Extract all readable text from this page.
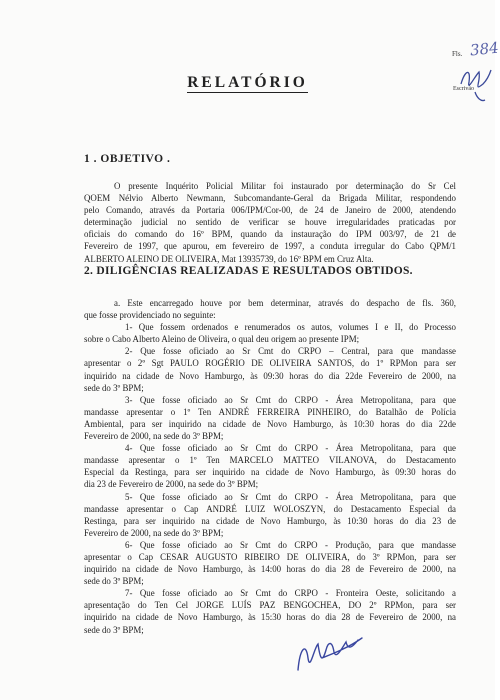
Fls. 384
Escrivão
RELATÓRIO
1 . OBJETIVO .
O presente Inquérito Policial Militar foi instaurado por determinação do Sr Cel
QOEM Nélvio Alberto Newmann, Subcomandante-Geral da Brigada Militar, respondendo
pelo Comando, através da Portaria 006/IPM/Cor-00, de 24 de Janeiro de 2000, atendendo
determinação judicial no sentido de verificar se houve irregularidades praticadas por
oficiais do comando do 16º BPM, quando da instauração do IPM 003/97, de 21 de
Fevereiro de 1997, que apurou, em fevereiro de 1997, a conduta irregular do Cabo QPM/1
ALBERTO ALEINO DE OLIVEIRA, Mat 13935739, do 16º BPM em Cruz Alta.
2. DILIGÊNCIAS REALIZADAS E RESULTADOS OBTIDOS.
a. Este encarregado houve por bem determinar, através do despacho de fls. 360,
que fosse providenciado no seguinte:
1- Que fossem ordenados e renumerados os autos, volumes I e II, do Processo
sobre o Cabo Alberto Aleino de Oliveira, o qual deu origem ao presente IPM;
2- Que fosse oficiado ao Sr Cmt do CRPO – Central, para que mandasse
apresentar o 2º Sgt PAULO ROGÉRIO DE OLIVEIRA SANTOS, do 1º RPMon para ser
inquirido na cidade de Novo Hamburgo, às 09:30 horas do dia 22de Fevereiro de 2000, na
sede do 3º BPM;
3- Que fosse oficiado ao Sr Cmt do CRPO - Área Metropolitana, para que
mandasse apresentar o 1º Ten ANDRÉ FERREIRA PINHEIRO, do Batalhão de Polícia
Ambiental, para ser inquirido na cidade de Novo Hamburgo, às 10:30 horas do dia 22de
Fevereiro de 2000, na sede do 3º BPM;
4- Que fosse oficiado ao Sr Cmt do CRPO - Área Metropolitana, para que
mandasse apresentar o 1º Ten MARCELO MATTEO VILANOVA, do Destacamento
Especial da Restinga, para ser inquirido na cidade de Novo Hamburgo, às 09:30 horas do
dia 23 de Fevereiro de 2000, na sede do 3º BPM;
5- Que fosse oficiado ao Sr Cmt do CRPO - Área Metropolitana, para que
mandasse apresentar o Cap ANDRÉ LUIZ WOLOSZYN, do Destacamento Especial da
Restinga, para ser inquirido na cidade de Novo Hamburgo, às 10:30 horas do dia 23 de
Fevereiro de 2000, na sede do 3º BPM;
6- Que fosse oficiado ao Sr Cmt do CRPO - Produção, para que mandasse
apresentar o Cap CESAR AUGUSTO RIBEIRO DE OLIVEIRA, do 3º RPMon, para ser
inquirido na cidade de Novo Hamburgo, às 14:00 horas do dia 28 de Fevereiro de 2000, na
sede do 3º BPM;
7- Que fosse oficiado ao Sr Cmt do CRPO - Fronteira Oeste, solicitando a
apresentação do Ten Cel JORGE LUÍS PAZ BENGOCHEA, DO 2º RPMon, para ser
inquirido na cidade de Novo Hamburgo, às 15:30 horas do dia 28 de Fevereiro de 2000, na
sede do 3º BPM;
